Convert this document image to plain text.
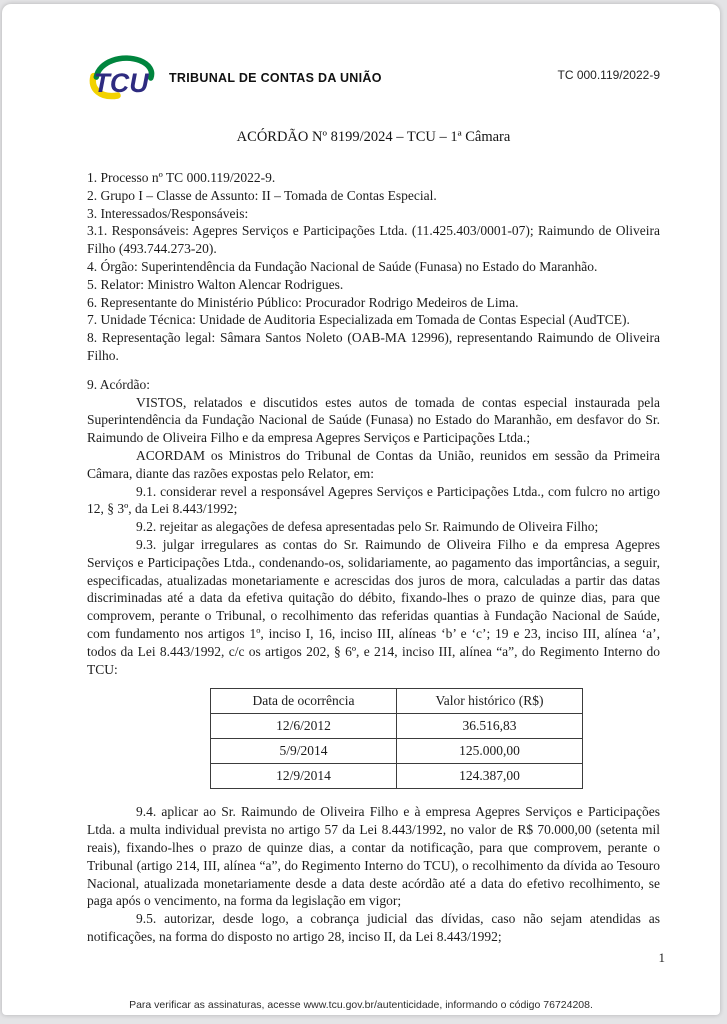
TCU TRIBUNAL DE CONTAS DA UNIÃO	TC 000.119/2022-9
ACÓRDÃO Nº 8199/2024 – TCU – 1ª Câmara

1. Processo nº TC 000.119/2022-9.

2. Grupo I – Classe de Assunto: II – Tomada de Contas Especial.

3. Interessados/Responsáveis:

3.1. Responsáveis: Agepres Serviços e Participações Ltda. (11.425.403/0001-07); Raimundo de Oliveira Filho (493.744.273-20).

4. Órgão: Superintendência da Fundação Nacional de Saúde (Funasa) no Estado do Maranhão.

5. Relator: Ministro Walton Alencar Rodrigues.

6. Representante do Ministério Público: Procurador Rodrigo Medeiros de Lima.

7. Unidade Técnica: Unidade de Auditoria Especializada em Tomada de Contas Especial (AudTCE).

8. Representação legal: Sâmara Santos Noleto (OAB-MA 12996), representando Raimundo de Oliveira Filho.

9. Acórdão:

VISTOS, relatados e discutidos estes autos de tomada de contas especial instaurada pela Superintendência da Fundação Nacional de Saúde (Funasa) no Estado do Maranhão, em desfavor do Sr. Raimundo de Oliveira Filho e da empresa Agepres Serviços e Participações Ltda.;

ACORDAM os Ministros do Tribunal de Contas da União, reunidos em sessão da Primeira Câmara, diante das razões expostas pelo Relator, em:

9.1. considerar revel a responsável Agepres Serviços e Participações Ltda., com fulcro no artigo 12, § 3º, da Lei 8.443/1992;

9.2. rejeitar as alegações de defesa apresentadas pelo Sr. Raimundo de Oliveira Filho;

9.3. julgar irregulares as contas do Sr. Raimundo de Oliveira Filho e da empresa Agepres Serviços e Participações Ltda., condenando-os, solidariamente, ao pagamento das importâncias, a seguir, especificadas, atualizadas monetariamente e acrescidas dos juros de mora, calculadas a partir das datas discriminadas até a data da efetiva quitação do débito, fixando-lhes o prazo de quinze dias, para que comprovem, perante o Tribunal, o recolhimento das referidas quantias à Fundação Nacional de Saúde, com fundamento nos artigos 1º, inciso I, 16, inciso III, alíneas ‘b’ e ‘c’; 19 e 23, inciso III, alínea ‘a’, todos da Lei 8.443/1992, c/c os artigos 202, § 6º, e 214, inciso III, alínea “a”, do Regimento Interno do TCU:

Data de ocorrência	Valor histórico (R$)
12/6/2012	36.516,83
5/9/2014	125.000,00
12/9/2014	124.387,00

9.4. aplicar ao Sr. Raimundo de Oliveira Filho e à empresa Agepres Serviços e Participações Ltda. a multa individual prevista no artigo 57 da Lei 8.443/1992, no valor de R$ 70.000,00 (setenta mil reais), fixando-lhes o prazo de quinze dias, a contar da notificação, para que comprovem, perante o Tribunal (artigo 214, III, alínea “a”, do Regimento Interno do TCU), o recolhimento da dívida ao Tesouro Nacional, atualizada monetariamente desde a data deste acórdão até a data do efetivo recolhimento, se paga após o vencimento, na forma da legislação em vigor;

9.5. autorizar, desde logo, a cobrança judicial das dívidas, caso não sejam atendidas as notificações, na forma do disposto no artigo 28, inciso II, da Lei 8.443/1992;

1
Para verificar as assinaturas, acesse www.tcu.gov.br/autenticidade, informando o código 76724208.
